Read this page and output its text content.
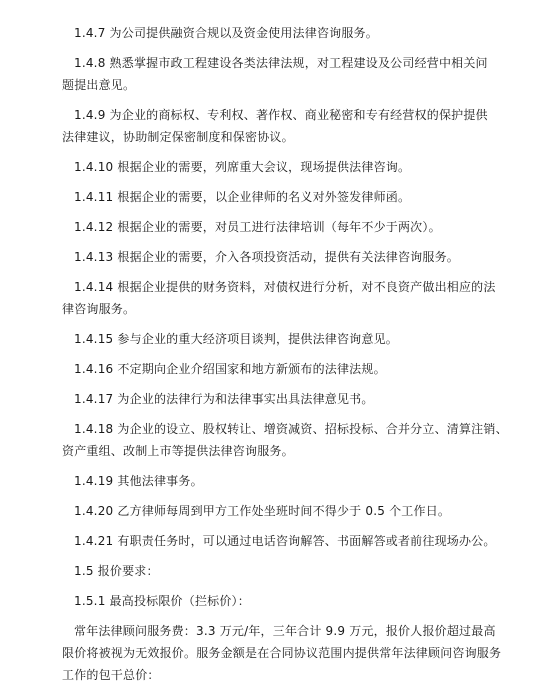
1.4.7 为公司提供融资合规以及资金使用法律咨询服务。
1.4.8 熟悉掌握市政工程建设各类法律法规，对工程建设及公司经营中相关问
题提出意见。
1.4.9 为企业的商标权、专利权、著作权、商业秘密和专有经营权的保护提供
法律建议，协助制定保密制度和保密协议。
1.4.10 根据企业的需要，列席重大会议，现场提供法律咨询。
1.4.11 根据企业的需要，以企业律师的名义对外签发律师函。
1.4.12 根据企业的需要，对员工进行法律培训（每年不少于两次）。
1.4.13 根据企业的需要，介入各项投资活动，提供有关法律咨询服务。
1.4.14 根据企业提供的财务资料，对债权进行分析，对不良资产做出相应的法
律咨询服务。
1.4.15 参与企业的重大经济项目谈判，提供法律咨询意见。
1.4.16 不定期向企业介绍国家和地方新颁布的法律法规。
1.4.17 为企业的法律行为和法律事实出具法律意见书。
1.4.18 为企业的设立、股权转让、增资减资、招标投标、合并分立、清算注销、
资产重组、改制上市等提供法律咨询服务。
1.4.19 其他法律事务。
1.4.20 乙方律师每周到甲方工作处坐班时间不得少于 0.5 个工作日。
1.4.21 有职责任务时，可以通过电话咨询解答、书面解答或者前往现场办公。
1.5 报价要求：
1.5.1 最高投标限价（拦标价）：
常年法律顾问服务费：3.3 万元/年，三年合计 9.9 万元，报价人报价超过最高
限价将被视为无效报价。服务金额是在合同协议范围内提供常年法律顾问咨询服务
工作的包干总价：
